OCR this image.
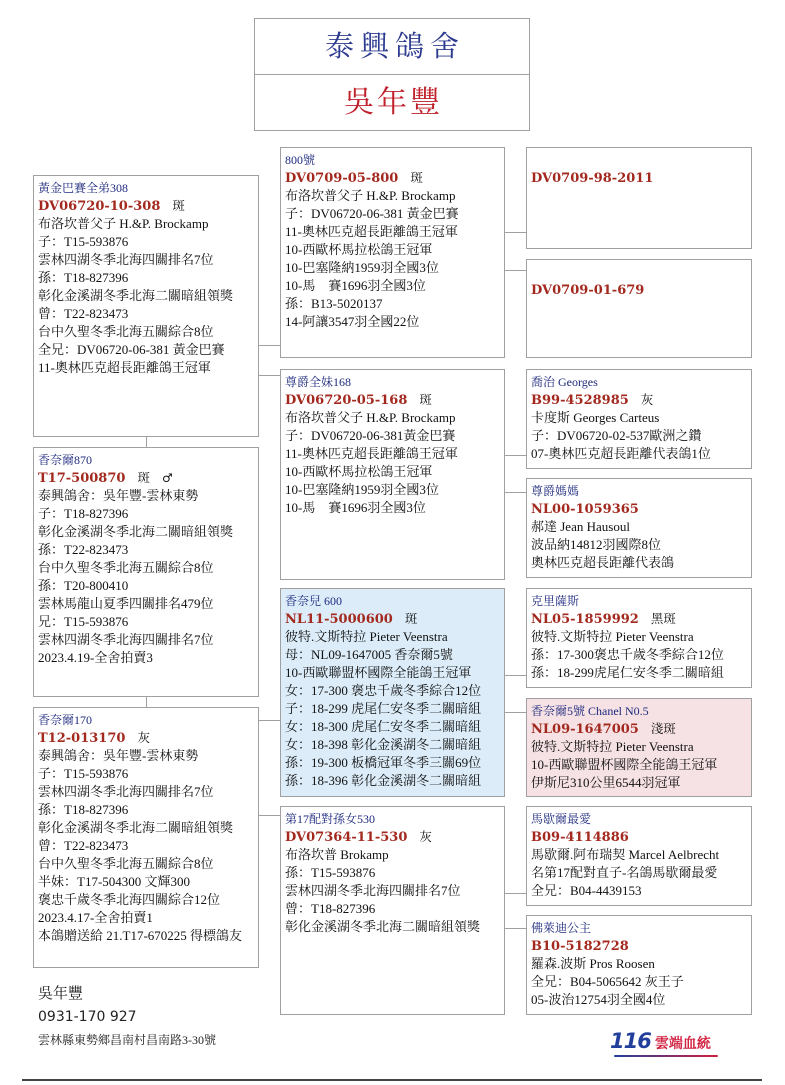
泰興鴿舍
吳年豐
黃金巴賽全弟308
DV06720-10-308 斑
布洛坎普父子 H.&P. Brockamp
子：T15-593876
雲林四湖冬季北海四關排名7位
孫：T18-827396
彰化金溪湖冬季北海二關暗組領獎
曾：T22-823473
台中久聖冬季北海五關綜合8位
全兄：DV06720-06-381 黃金巴賽
11-奧林匹克超長距離鴿王冠軍
香奈爾870
T17-500870 斑 ♂
泰興鴿舍：吳年豐-雲林東勢
子：T18-827396
彰化金溪湖冬季北海二關暗組領獎
孫：T22-823473
台中久聖冬季北海五關綜合8位
孫：T20-800410
雲林馬龍山夏季四關排名479位
兄：T15-593876
雲林四湖冬季北海四關排名7位
2023.4.19-全舍拍賣3
香奈爾170
T12-013170 灰
泰興鴿舍：吳年豐-雲林東勢
子：T15-593876
雲林四湖冬季北海四關排名7位
孫：T18-827396
彰化金溪湖冬季北海二關暗組領獎
曾：T22-823473
台中久聖冬季北海五關綜合8位
半妹：T17-504300 文輝300
褒忠千歲冬季北海四關綜合12位
2023.4.17-全舍拍賣1
本鴿贈送給 21.T17-670225 得標鴿友
800號
DV0709-05-800 斑
布洛坎普父子 H.&P. Brockamp
子：DV06720-06-381 黃金巴賽
11-奧林匹克超長距離鴿王冠軍
10-西歐杯馬拉松鴿王冠軍
10-巴塞隆納1959羽全國3位
10-馬　賽1696羽全國3位
孫：B13-5020137
14-阿讓3547羽全國22位
尊爵全妹168
DV06720-05-168 斑
布洛坎普父子 H.&P. Brockamp
子：DV06720-06-381黃金巴賽
11-奧林匹克超長距離鴿王冠軍
10-西歐杯馬拉松鴿王冠軍
10-巴塞隆納1959羽全國3位
10-馬　賽1696羽全國3位
香奈兒 600
NL11-5000600 斑
彼特.文斯特拉 Pieter Veenstra
母：NL09-1647005 香奈爾5號
10-西歐聯盟杯國際全能鴿王冠軍
女：17-300 褒忠千歲冬季綜合12位
子：18-299 虎尾仁安冬季二關暗組
女：18-300 虎尾仁安冬季二關暗組
女：18-398 彰化金溪湖冬二關暗組
孫：19-300 板橋冠軍冬季三關69位
孫：18-396 彰化金溪湖冬二關暗組
第17配對孫女530
DV07364-11-530 灰
布洛坎普 Brokamp
孫：T15-593876
雲林四湖冬季北海四關排名7位
曾：T18-827396
彰化金溪湖冬季北海二關暗組領獎
DV0709-98-2011
DV0709-01-679
喬治 Georges
B99-4528985 灰
卡度斯 Georges Carteus
子：DV06720-02-537歐洲之鑽
07-奧林匹克超長距離代表鴿1位
尊爵媽媽
NL00-1059365
郝達 Jean Hausoul
波品納14812羽國際8位
奧林匹克超長距離代表鴿
克里薩斯
NL05-1859992 黑斑
彼特.文斯特拉 Pieter Veenstra
孫：17-300褒忠千歲冬季綜合12位
孫：18-299虎尾仁安冬季二關暗組
香奈爾5號 Chanel N0.5
NL09-1647005 淺斑
彼特.文斯特拉 Pieter Veenstra
10-西歐聯盟杯國際全能鴿王冠軍
伊斯尼310公里6544羽冠軍
馬歇爾最愛
B09-4114886
馬歇爾.阿布瑞契 Marcel Aelbrecht
名第17配對直子-名鴿馬歇爾最愛
全兄：B04-4439153
佛萊迪公主
B10-5182728
羅森.波斯 Pros Roosen
全兄：B04-5065642 灰王子
05-波治12754羽全國4位
吳年豐
0931-170 927
雲林縣東勢鄉昌南村昌南路3-30號	116 雲端血統
